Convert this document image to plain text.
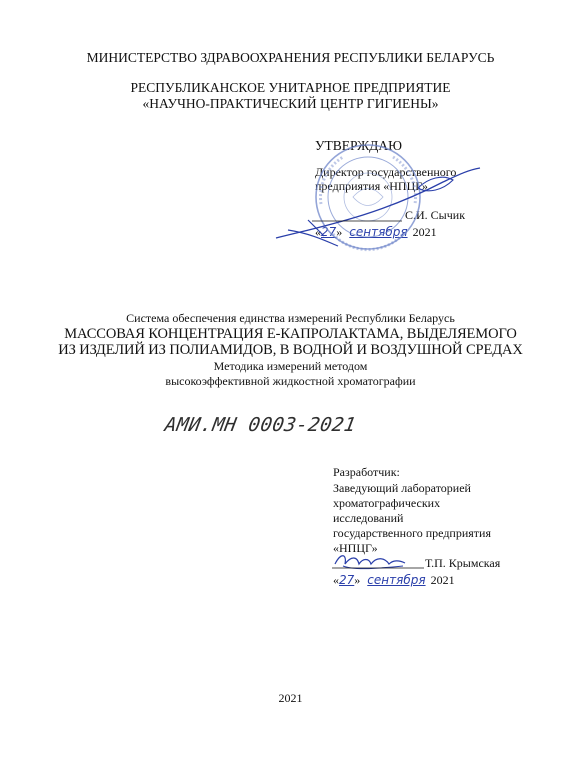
МИНИСТЕРСТВО ЗДРАВООХРАНЕНИЯ РЕСПУБЛИКИ БЕЛАРУСЬ
РЕСПУБЛИКАНСКОЕ УНИТАРНОЕ ПРЕДПРИЯТИЕ
«НАУЧНО-ПРАКТИЧЕСКИЙ ЦЕНТР ГИГИЕНЫ»
УТВЕРЖДАЮ
Директор государственного
предприятия «НПЦГ»
С.И. Сычик
«27» сентября 2021
Система обеспечения единства измерений Республики Беларусь
МАССОВАЯ КОНЦЕНТРАЦИЯ Е-КАПРОЛАКТАМА, ВЫДЕЛЯЕМОГО
ИЗ ИЗДЕЛИЙ ИЗ ПОЛИАМИДОВ, В ВОДНОЙ И ВОЗДУШНОЙ СРЕДАХ
Методика измерений методом
высокоэффективной жидкостной хроматографии
АМИ.МН 0003-2021
Разработчик:
Заведующий лабораторией
хроматографических
исследований
государственного предприятия
«НПЦГ»
Т.П. Крымская
«27» сентября 2021
2021
